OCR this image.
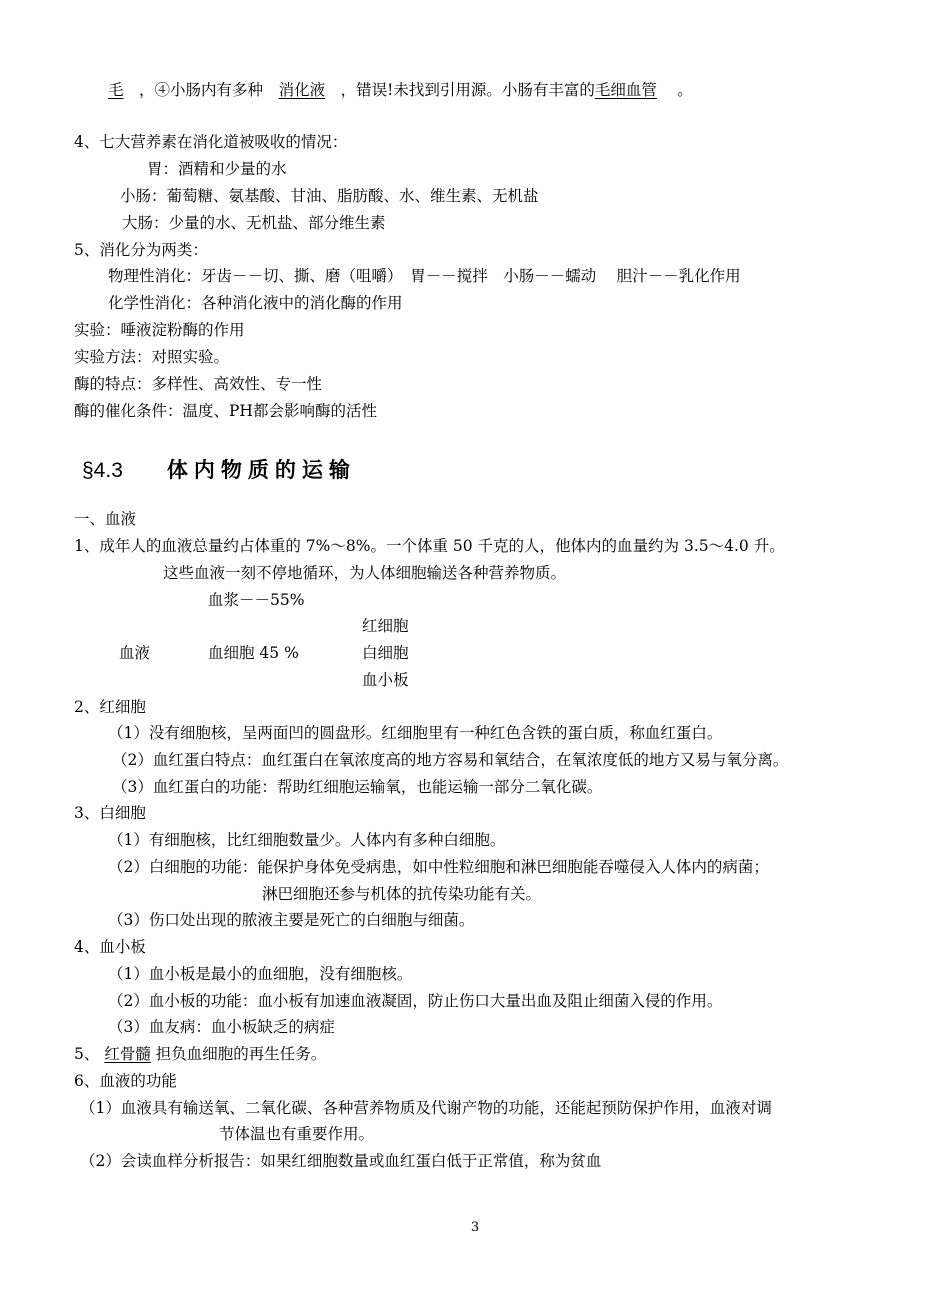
毛　 ，④小肠内有多种　 消化液　 ，错误!未找到引用源。小肠有丰富的毛细血管　 。
4、七大营养素在消化道被吸收的情况：
胃：酒精和少量的水
小肠：葡萄糖、氨基酸、甘油、脂肪酸、水、维生素、无机盐
大肠：少量的水、无机盐、部分维生素
5、消化分为两类：
物理性消化：牙齿－－切、撕、磨（咀嚼）　胃－－搅拌　小肠－－蠕动　 胆汁－－乳化作用
化学性消化：各种消化液中的消化酶的作用
实验：唾液淀粉酶的作用
实验方法：对照实验。
酶的特点：多样性、高效性、专一性
酶的催化条件：温度、PH都会影响酶的活性
§4.3 体内物质的运输
一、血液
1、成年人的血液总量约占体重的 7%～8%。一个体重 50 千克的人，他体内的血量约为 3.5～4.0 升。
这些血液一刻不停地循环，为人体细胞输送各种营养物质。
血浆－－55%
红细胞
血液	血细胞 45 %	白细胞
血小板
2、红细胞
（1）没有细胞核，呈两面凹的圆盘形。红细胞里有一种红色含铁的蛋白质，称血红蛋白。
（2）血红蛋白特点：血红蛋白在氧浓度高的地方容易和氧结合，在氧浓度低的地方又易与氧分离。
（3）血红蛋白的功能：帮助红细胞运输氧，也能运输一部分二氧化碳。
3、白细胞
（1）有细胞核，比红细胞数量少。人体内有多种白细胞。
（2）白细胞的功能：能保护身体免受病患，如中性粒细胞和淋巴细胞能吞噬侵入人体内的病菌；
淋巴细胞还参与机体的抗传染功能有关。
（3）伤口处出现的脓液主要是死亡的白细胞与细菌。
4、血小板
（1）血小板是最小的血细胞，没有细胞核。
（2）血小板的功能：血小板有加速血液凝固，防止伤口大量出血及阻止细菌入侵的作用。
（3）血友病：血小板缺乏的病症
5、 红骨髓 担负血细胞的再生任务。
6、血液的功能
（1）血液具有输送氧、二氧化碳、各种营养物质及代谢产物的功能，还能起预防保护作用，血液对调
节体温也有重要作用。
（2）会读血样分析报告：如果红细胞数量或血红蛋白低于正常值，称为贫血
3
